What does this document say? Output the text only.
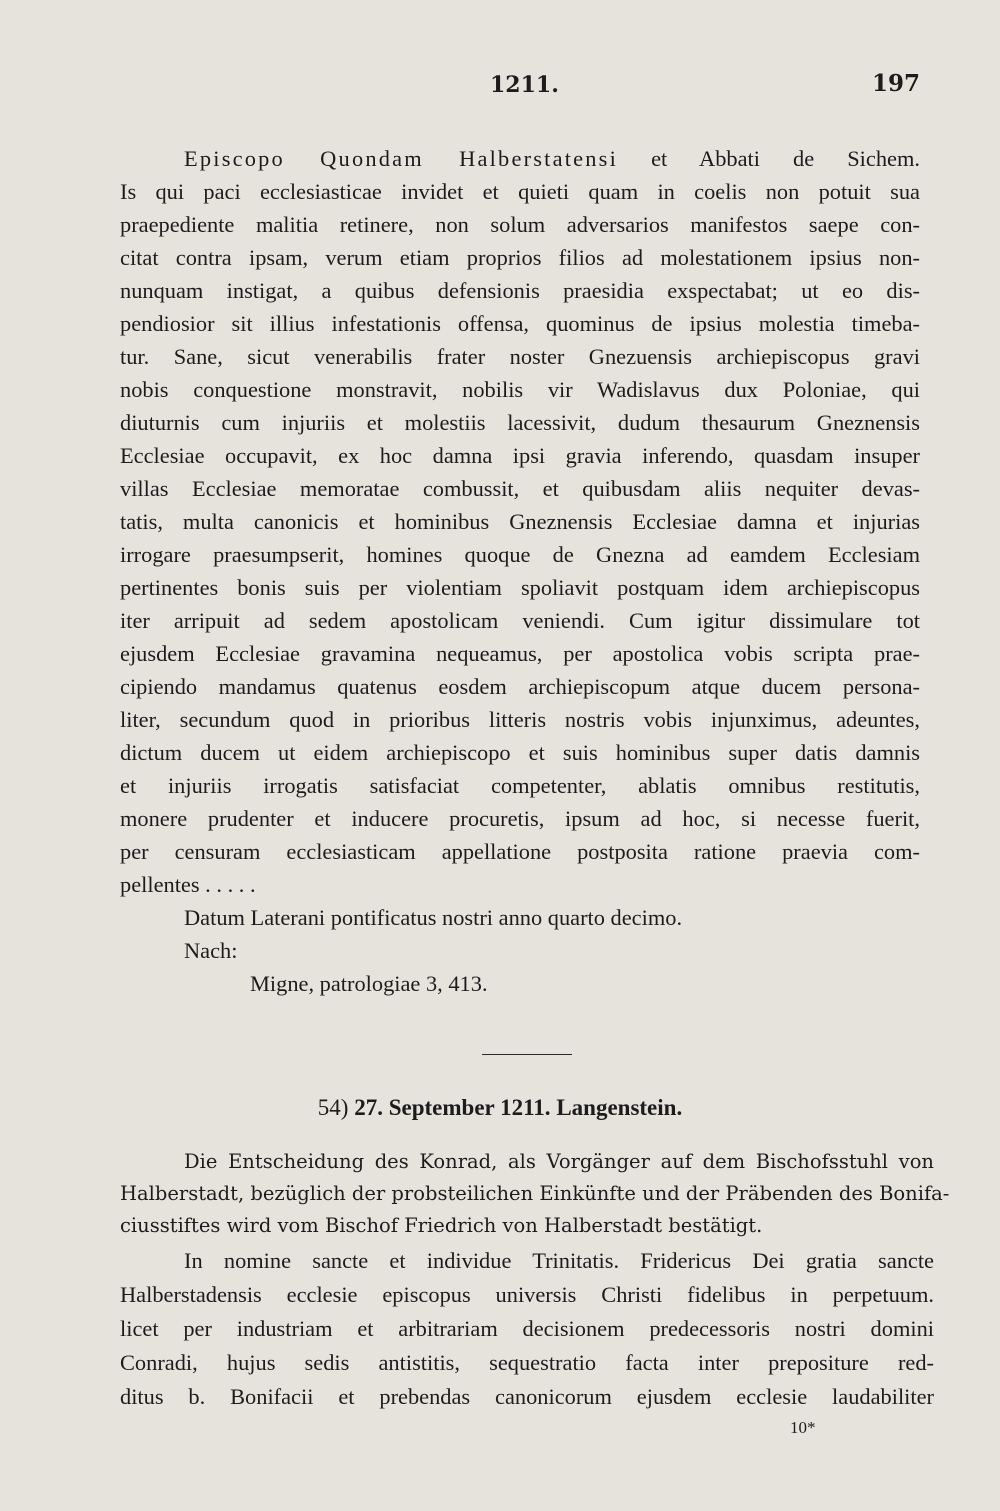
1211.	197
Episcopo Quondam Halberstatensi et Abbati de Sichem.
Is qui paci ecclesiasticae invidet et quieti quam in coelis non potuit sua
praepediente malitia retinere, non solum adversarios manifestos saepe con-
citat contra ipsam, verum etiam proprios filios ad molestationem ipsius non-
nunquam instigat, a quibus defensionis praesidia exspectabat; ut eo dis-
pendiosior sit illius infestationis offensa, quominus de ipsius molestia timeba-
tur. Sane, sicut venerabilis frater noster Gnezuensis archiepiscopus gravi
nobis conquestione monstravit, nobilis vir Wadislavus dux Poloniae, qui
diuturnis cum injuriis et molestiis lacessivit, dudum thesaurum Gneznensis
Ecclesiae occupavit, ex hoc damna ipsi gravia inferendo, quasdam insuper
villas Ecclesiae memoratae combussit, et quibusdam aliis nequiter devas-
tatis, multa canonicis et hominibus Gneznensis Ecclesiae damna et injurias
irrogare praesumpserit, homines quoque de Gnezna ad eamdem Ecclesiam
pertinentes bonis suis per violentiam spoliavit postquam idem archiepiscopus
iter arripuit ad sedem apostolicam veniendi. Cum igitur dissimulare tot
ejusdem Ecclesiae gravamina nequeamus, per apostolica vobis scripta prae-
cipiendo mandamus quatenus eosdem archiepiscopum atque ducem persona-
liter, secundum quod in prioribus litteris nostris vobis injunximus, adeuntes,
dictum ducem ut eidem archiepiscopo et suis hominibus super datis damnis
et injuriis irrogatis satisfaciat competenter, ablatis omnibus restitutis,
monere prudenter et inducere procuretis, ipsum ad hoc, si necesse fuerit,
per censuram ecclesiasticam appellatione postposita ratione praevia com-
pellentes . . . . .
Datum Laterani pontificatus nostri anno quarto decimo.
Nach:
Migne, patrologiae 3, 413.
54) 27. September 1211. Langenstein.
Die Entscheidung des Konrad, als Vorgänger auf dem Bischofsstuhl von
Halberstadt, bezüglich der probsteilichen Einkünfte und der Präbenden des Bonifa-
ciusstiftes wird vom Bischof Friedrich von Halberstadt bestätigt.
In nomine sancte et individue Trinitatis. Fridericus Dei gratia sancte
Halberstadensis ecclesie episcopus universis Christi fidelibus in perpetuum.
licet per industriam et arbitrariam decisionem predecessoris nostri domini
Conradi, hujus sedis antistitis, sequestratio facta inter prepositure red-
ditus b. Bonifacii et prebendas canonicorum ejusdem ecclesie laudabiliter
10*
